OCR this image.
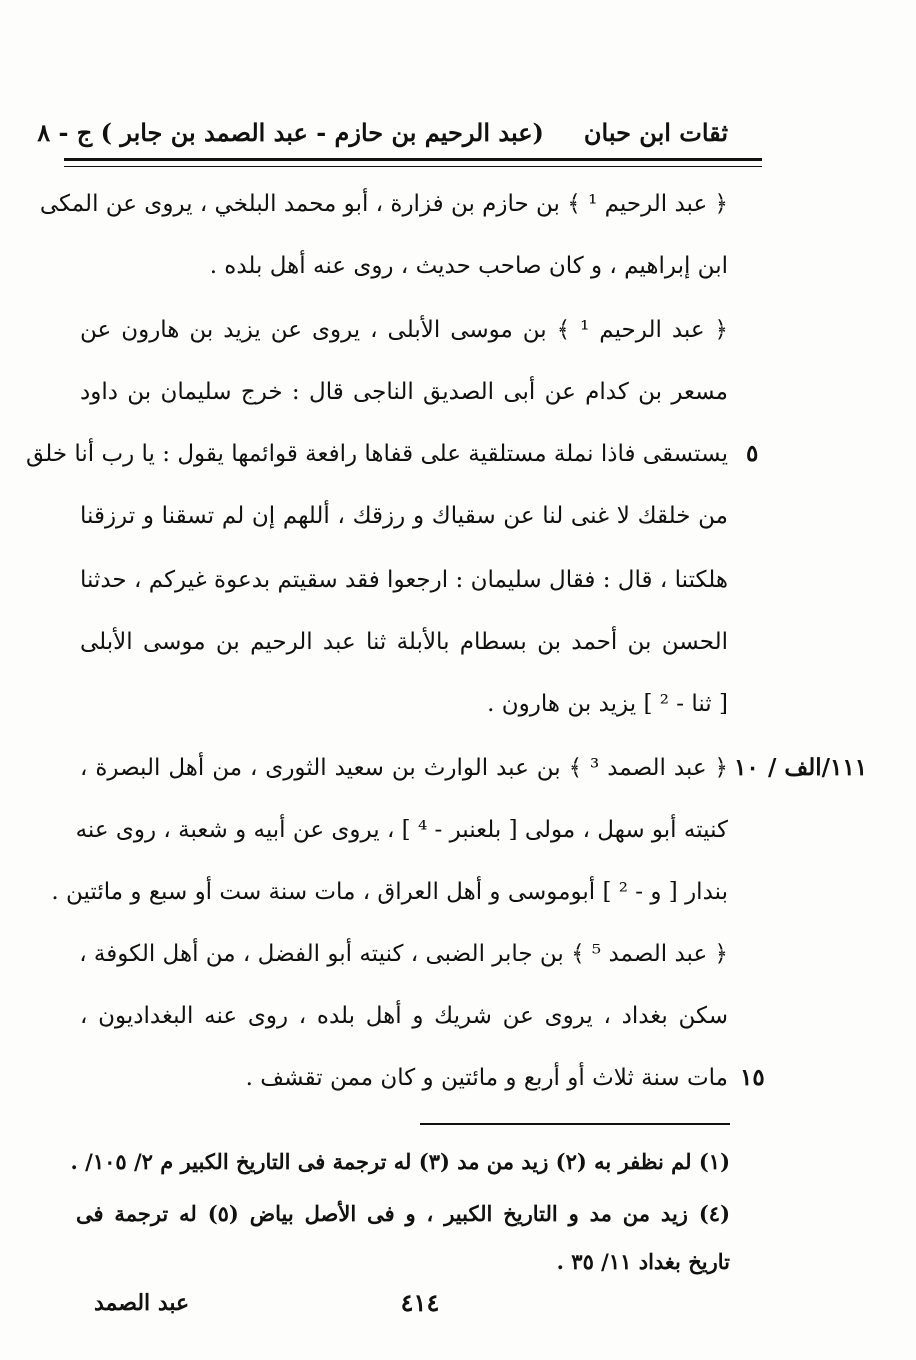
ثقات ابن حبان
(عبد الرحيم بن حازم - عبد الصمد بن جابر ) ج - ٨
﴿ عبد الرحيم ¹ ﴾ بن حازم بن فزارة ، أبو محمد البلخي ، يروى عن المكى
ابن إبراهيم ، و كان صاحب حديث ، روى عنه أهل بلده .
﴿ عبد الرحيم ¹ ﴾ بن موسى الأبلى ، يروى عن يزيد بن هارون عن
مسعر بن كدام عن أبى الصديق الناجى قال : خرج سليمان بن داود
يستسقى فاذا نملة مستلقية على قفاها رافعة قوائمها يقول : يا رب أنا خلق
من خلقك لا غنى لنا عن سقياك و رزقك ، أللهم إن لم تسقنا و ترزقنا
هلكتنا ، قال : فقال سليمان : ارجعوا فقد سقيتم بدعوة غيركم ، حدثنا
الحسن بن أحمد بن بسطام بالأبلة ثنا عبد الرحيم بن موسى الأبلى
[ ثنا - ² ] يزيد بن هارون .
﴿ عبد الصمد ³ ﴾ بن عبد الوارث بن سعيد الثورى ، من أهل البصرة ،
كنيته أبو سهل ، مولى [ بلعنبر - ⁴ ] ، يروى عن أبيه و شعبة ، روى عنه
بندار [ و - ² ] أبوموسى و أهل العراق ، مات سنة ست أو سبع و مائتين .
﴿ عبد الصمد ⁵ ﴾ بن جابر الضبى ، كنيته أبو الفضل ، من أهل الكوفة ،
سكن بغداد ، يروى عن شريك و أهل بلده ، روى عنه البغداديون ،
مات سنة ثلاث أو أربع و مائتين و كان ممن تقشف .
٥
١٠ ١١١/الف /
١٥
(١) لم نظفر به (٢) زيد من مد (٣) له ترجمة فى التاريخ الكبير م ٢/ ١٠٥/ .
(٤) زيد من مد و التاريخ الكبير ، و فى الأصل بياض (٥) له ترجمة فى
تاريخ بغداد ١١/ ٣٥ .
عبد الصمد	٤١٤
